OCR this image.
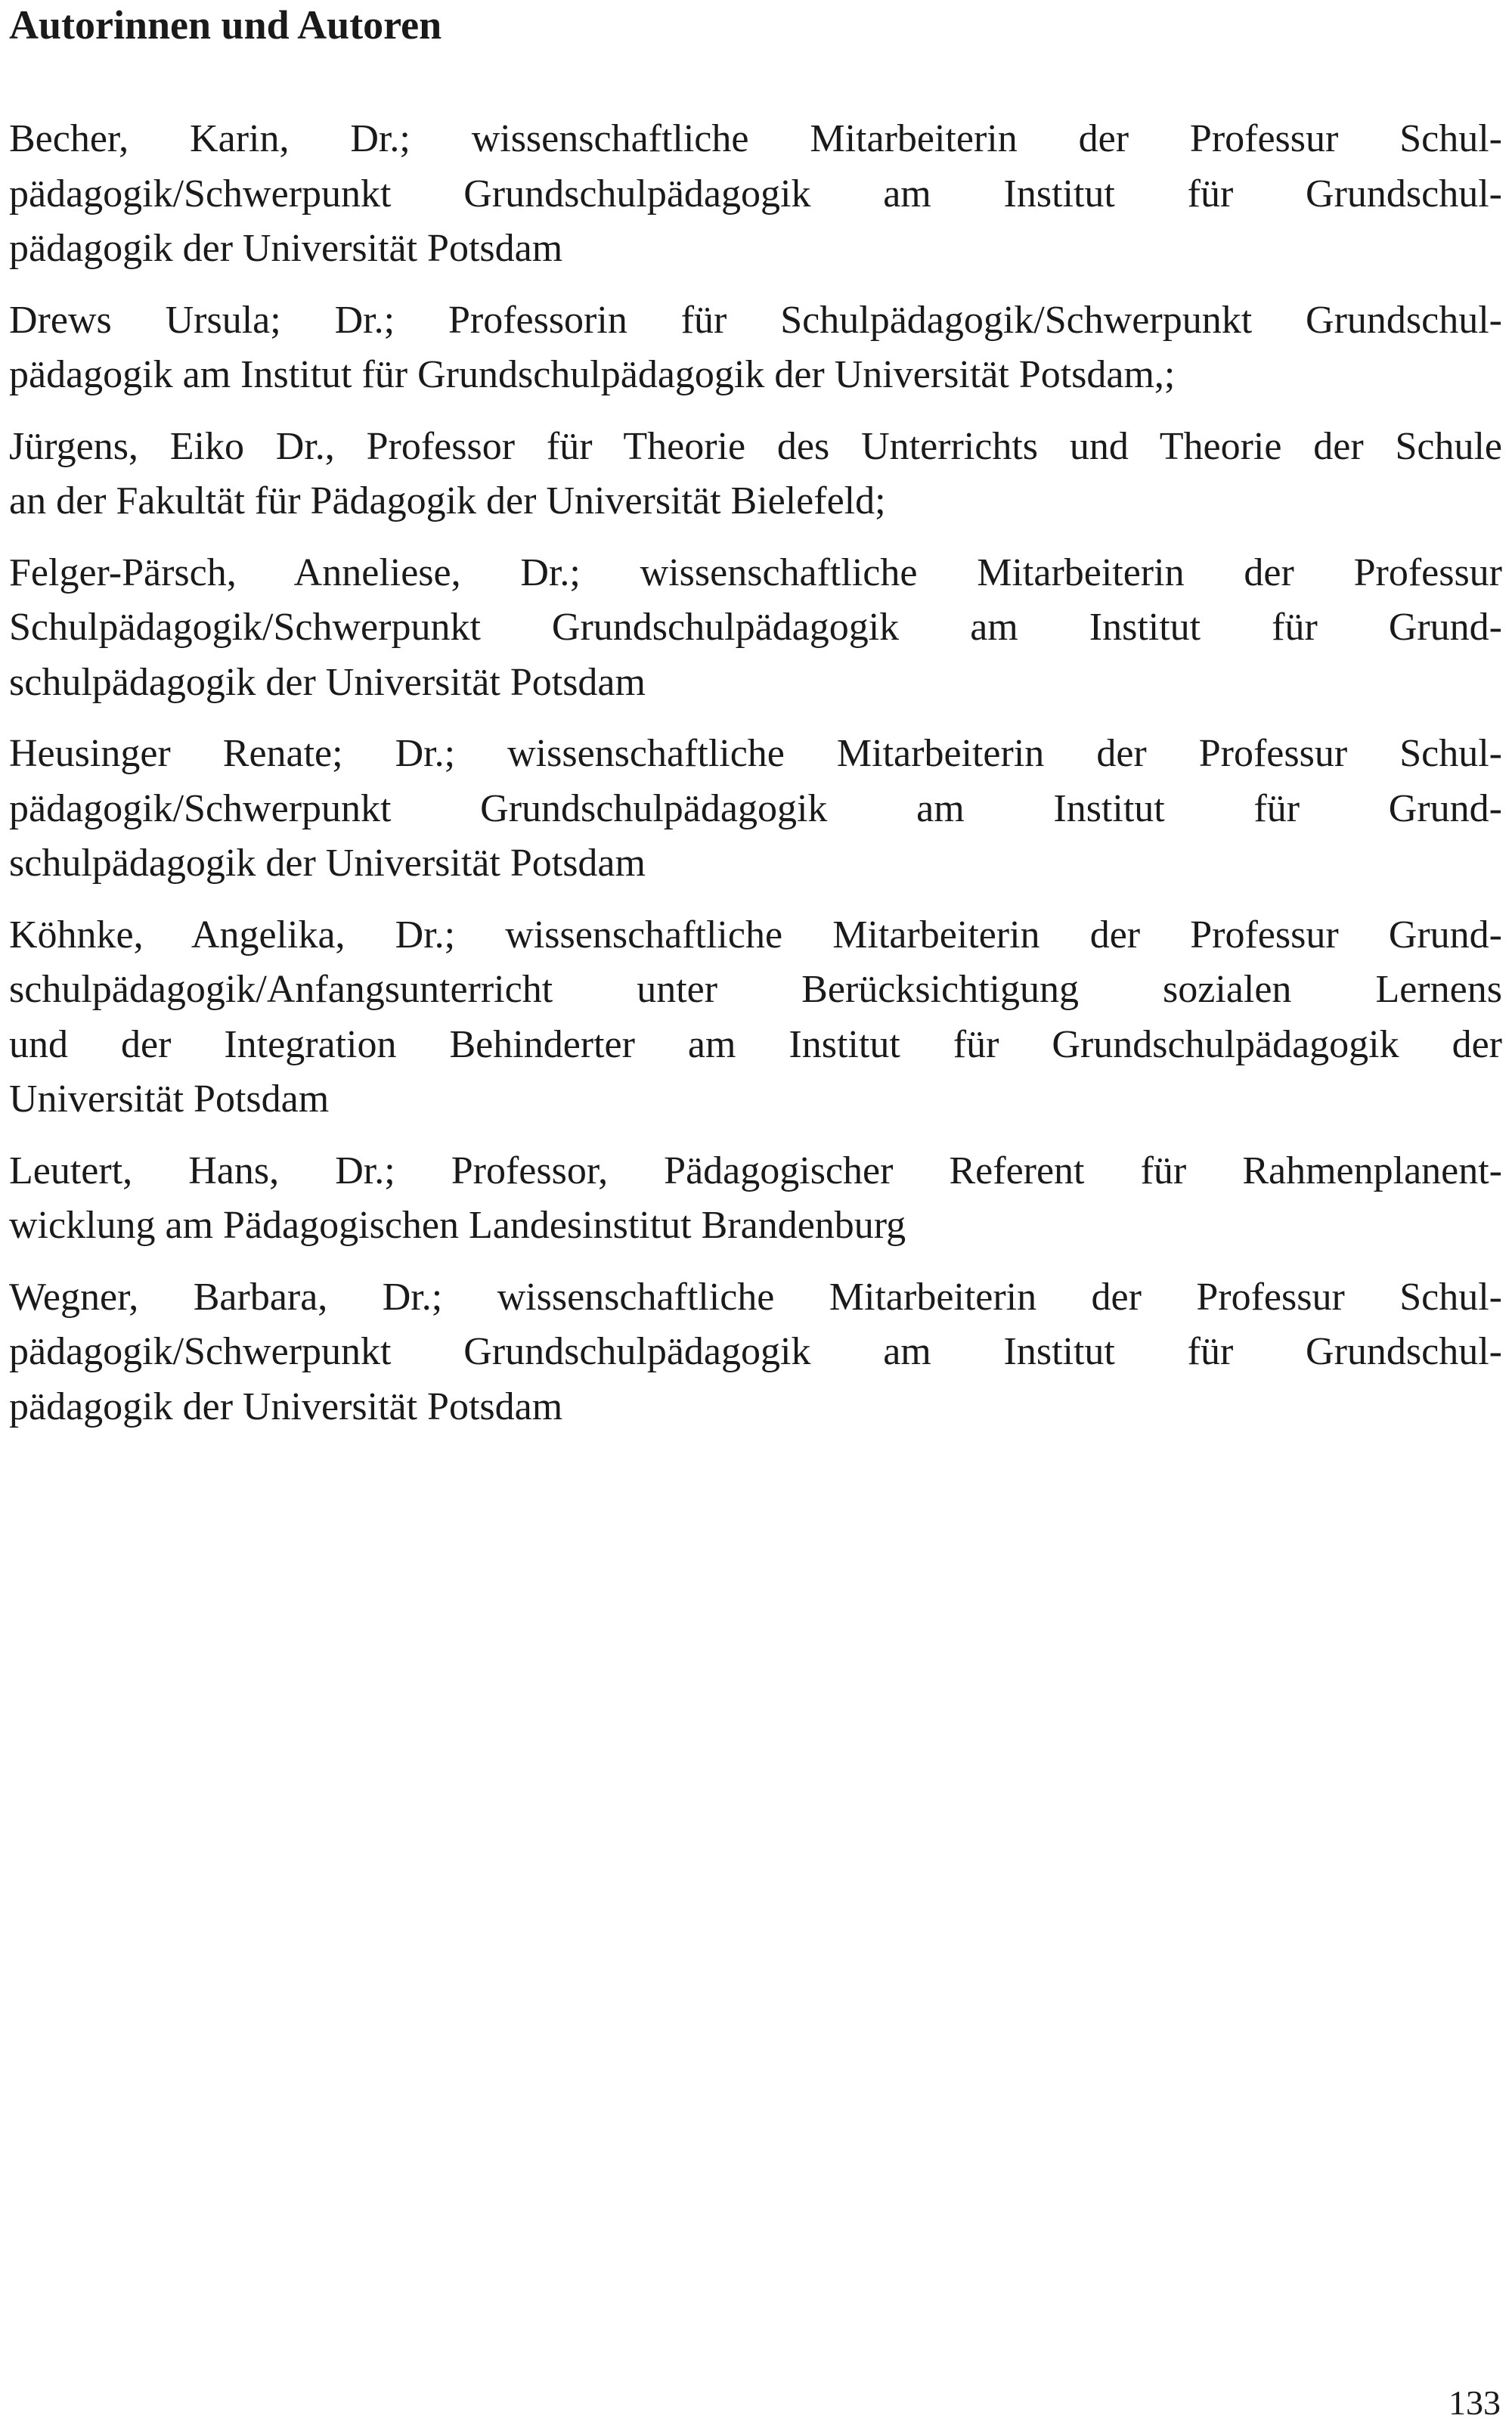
Autorinnen und Autoren
Becher, Karin, Dr.; wissenschaftliche Mitarbeiterin der Professur Schul-
pädagogik/Schwerpunkt Grundschulpädagogik am Institut für Grundschul-
pädagogik der Universität Potsdam
Drews Ursula; Dr.; Professorin für Schulpädagogik/Schwerpunkt Grundschul-
pädagogik am Institut für Grundschulpädagogik der Universität Potsdam,;
Jürgens, Eiko Dr., Professor für Theorie des Unterrichts und Theorie der Schule
an der Fakultät für Pädagogik der Universität Bielefeld;
Felger-Pärsch, Anneliese, Dr.; wissenschaftliche Mitarbeiterin der Professur
Schulpädagogik/Schwerpunkt Grundschulpädagogik am Institut für Grund-
schulpädagogik der Universität Potsdam
Heusinger Renate; Dr.; wissenschaftliche Mitarbeiterin der Professur Schul-
pädagogik/Schwerpunkt Grundschulpädagogik am Institut für Grund-
schulpädagogik der Universität Potsdam
Köhnke, Angelika, Dr.; wissenschaftliche Mitarbeiterin der Professur Grund-
schulpädagogik/Anfangsunterricht unter Berücksichtigung sozialen Lernens
und der Integration Behinderter am Institut für Grundschulpädagogik der
Universität Potsdam
Leutert, Hans, Dr.; Professor, Pädagogischer Referent für Rahmenplanent-
wicklung am Pädagogischen Landesinstitut Brandenburg
Wegner, Barbara, Dr.; wissenschaftliche Mitarbeiterin der Professur Schul-
pädagogik/Schwerpunkt Grundschulpädagogik am Institut für Grundschul-
pädagogik der Universität Potsdam
133
